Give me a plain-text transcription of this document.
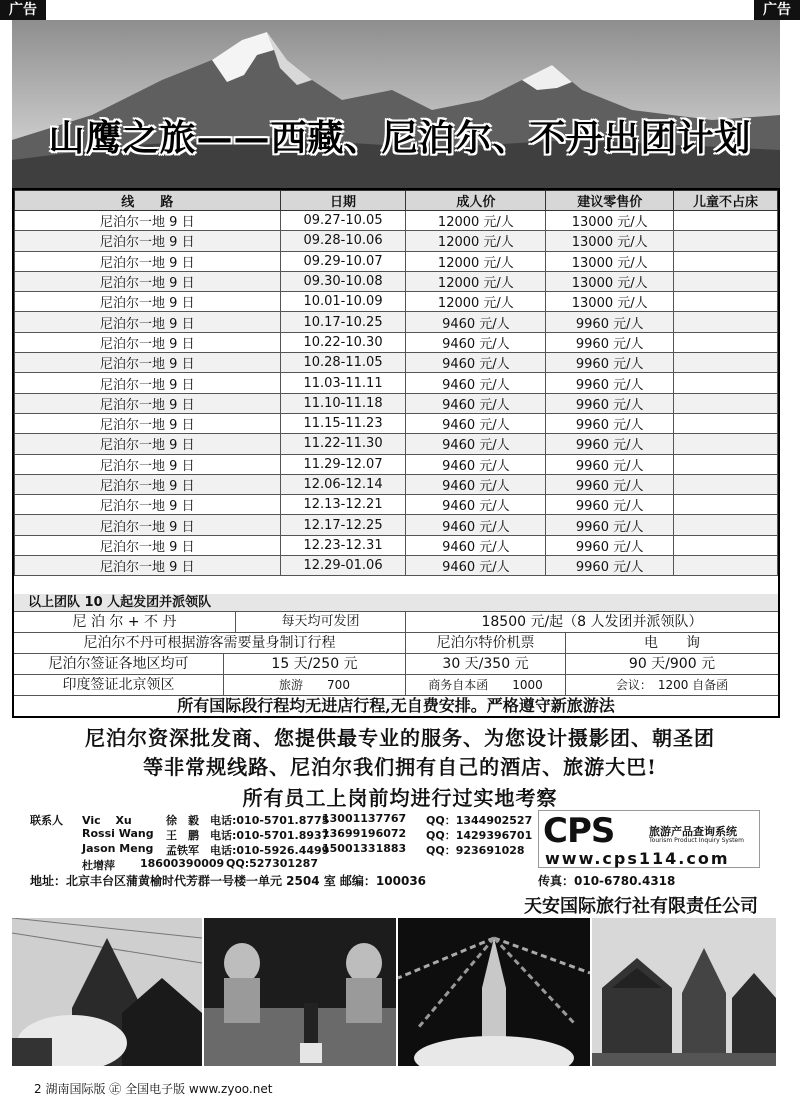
广告	广告
山鹰之旅——西藏、尼泊尔、不丹出团计划
线　　路	日期	成人价	建议零售价	儿童不占床
尼泊尔一地 9 日	09.27-10.05	12000 元/人	13000 元/人	
尼泊尔一地 9 日	09.28-10.06	12000 元/人	13000 元/人	
尼泊尔一地 9 日	09.29-10.07	12000 元/人	13000 元/人	
尼泊尔一地 9 日	09.30-10.08	12000 元/人	13000 元/人	
尼泊尔一地 9 日	10.01-10.09	12000 元/人	13000 元/人	
尼泊尔一地 9 日	10.17-10.25	9460 元/人	9960 元/人	
尼泊尔一地 9 日	10.22-10.30	9460 元/人	9960 元/人	
尼泊尔一地 9 日	10.28-11.05	9460 元/人	9960 元/人	
尼泊尔一地 9 日	11.03-11.11	9460 元/人	9960 元/人	
尼泊尔一地 9 日	11.10-11.18	9460 元/人	9960 元/人	
尼泊尔一地 9 日	11.15-11.23	9460 元/人	9960 元/人	
尼泊尔一地 9 日	11.22-11.30	9460 元/人	9960 元/人	
尼泊尔一地 9 日	11.29-12.07	9460 元/人	9960 元/人	
尼泊尔一地 9 日	12.06-12.14	9460 元/人	9960 元/人	
尼泊尔一地 9 日	12.13-12.21	9460 元/人	9960 元/人	
尼泊尔一地 9 日	12.17-12.25	9460 元/人	9960 元/人	
尼泊尔一地 9 日	12.23-12.31	9460 元/人	9960 元/人	
尼泊尔一地 9 日	12.29-01.06	9460 元/人	9960 元/人	
以上团队 10 人起发团并派领队
尼 泊 尔 + 不 丹	每天均可发团	18500 元/起（8 人发团并派领队）
尼泊尔不丹可根据游客需要量身制订行程	尼泊尔特价机票	电　　询
尼泊尔签证各地区均可	15 天/250 元	30 天/350 元	90 天/900 元
印度签证北京领区	旅游　　700	商务自本函　　1000	会议：　1200 自备函
所有国际段行程均无进店行程,无自费安排。严格遵守新旅游法
尼泊尔资深批发商、您提供最专业的服务、为您设计摄影团、朝圣团
等非常规线路、尼泊尔我们拥有自己的酒店、旅游大巴!
所有员工上岗前均进行过实地考察
联系人 Vic　 Xu	徐　毅 电话:010-5701.8775
13001137767 QQ：1344902527
Rossi Wang 王　鹏 电话:010-5701.8937
13699196072 QQ：1429396701
Jason Meng 孟铁军 电话:010-5926.4499
15001331883 QQ：923691028
杜增萍 18600390009 QQ:527301287
CPS	旅游产品查询系统
Tourism Product Inquiry System
www.cps114.com
地址：北京丰台区蒲黄榆时代芳群一号楼一单元 2504 室 邮编：100036	传真：010-6780.4318
天安国际旅行社有限责任公司
2 湖南国际版 ㊣ 全国电子版 www.zyoo.net
